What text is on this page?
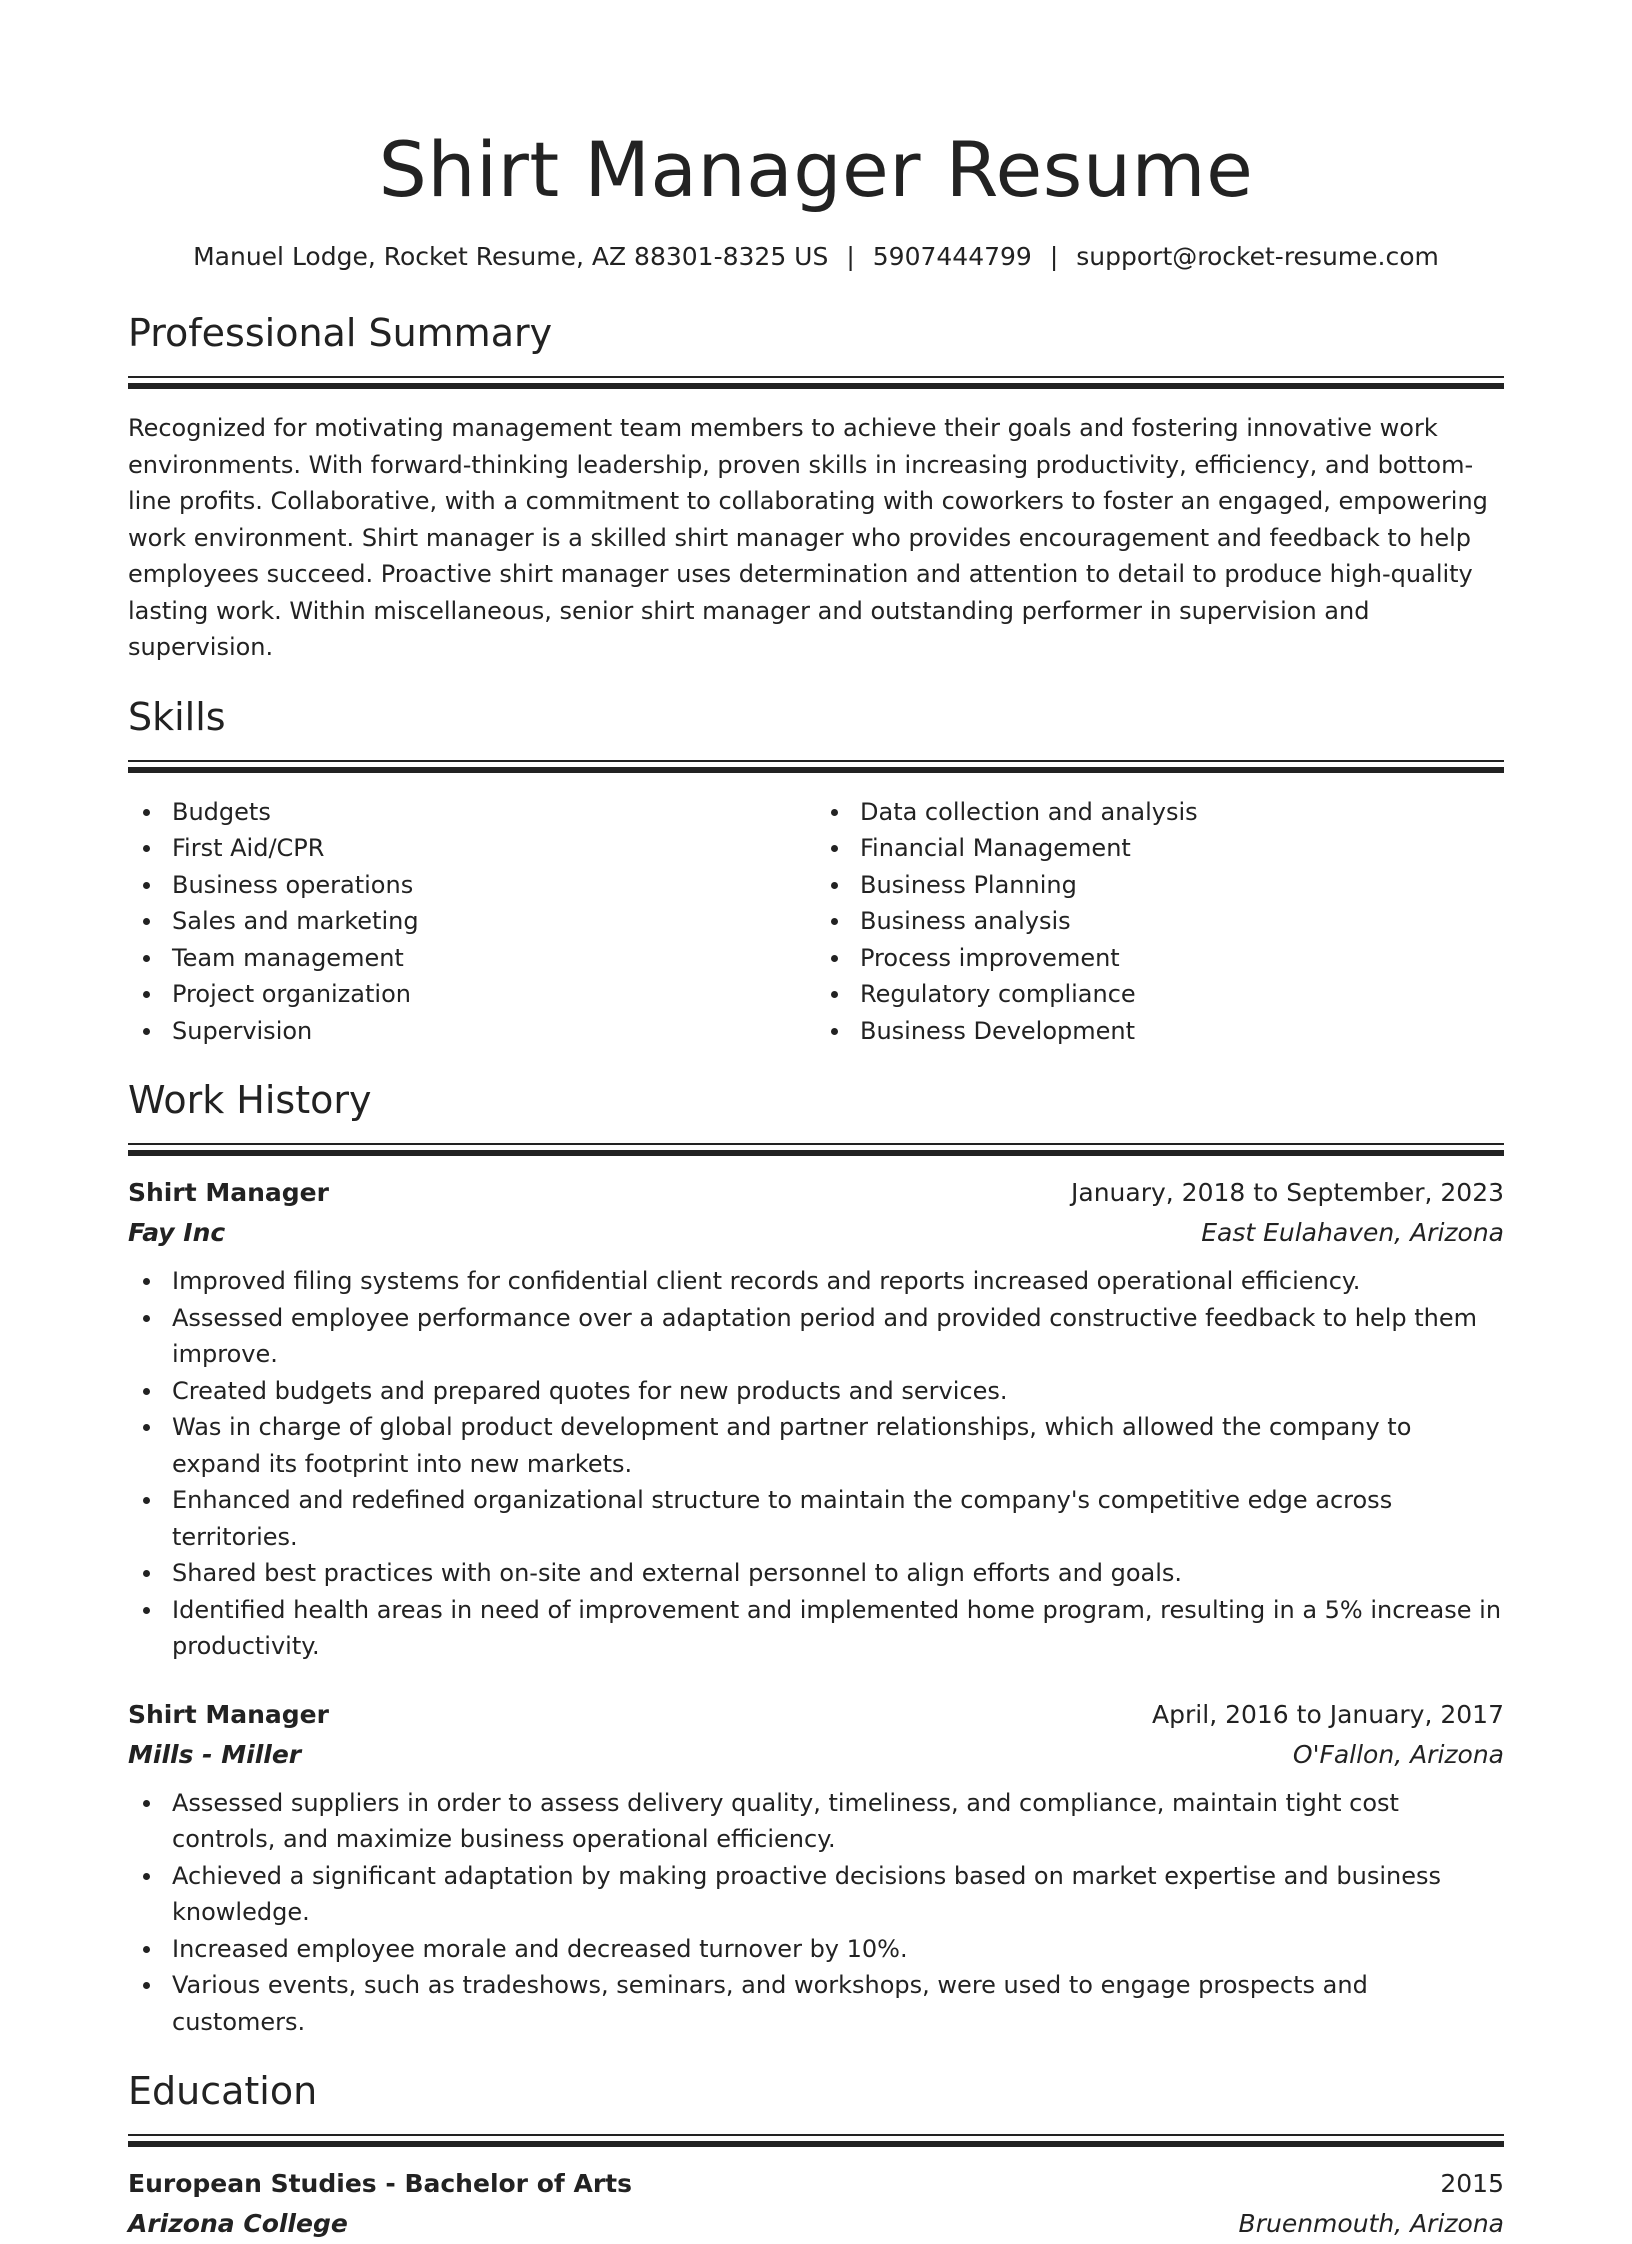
Shirt Manager Resume
Manuel Lodge, Rocket Resume, AZ 88301-8325 US | 5907444799 | support@rocket-resume.com
Professional Summary

Recognized for motivating management team members to achieve their goals and fostering innovative work environments. With forward-thinking leadership, proven skills in increasing productivity, efficiency, and bottom-line profits. Collaborative, with a commitment to collaborating with coworkers to foster an engaged, empowering work environment. Shirt manager is a skilled shirt manager who provides encouragement and feedback to help employees succeed. Proactive shirt manager uses determination and attention to detail to produce high-quality lasting work. Within miscellaneous, senior shirt manager and outstanding performer in supervision and supervision.

Skills
Budgets
First Aid/CPR
Business operations
Sales and marketing
Team management
Project organization
Supervision
Data collection and analysis
Financial Management
Business Planning
Business analysis
Process improvement
Regulatory compliance
Business Development
Work History
Shirt Manager	January, 2018 to September, 2023
Fay Inc	East Eulahaven, Arizona
Improved filing systems for confidential client records and reports increased operational efficiency.
Assessed employee performance over a adaptation period and provided constructive feedback to help them improve.
Created budgets and prepared quotes for new products and services.
Was in charge of global product development and partner relationships, which allowed the company to expand its footprint into new markets.
Enhanced and redefined organizational structure to maintain the company's competitive edge across territories.
Shared best practices with on-site and external personnel to align efforts and goals.
Identified health areas in need of improvement and implemented home program, resulting in a 5% increase in productivity.
Shirt Manager	April, 2016 to January, 2017
Mills - Miller	O'Fallon, Arizona
Assessed suppliers in order to assess delivery quality, timeliness, and compliance, maintain tight cost controls, and maximize business operational efficiency.
Achieved a significant adaptation by making proactive decisions based on market expertise and business knowledge.
Increased employee morale and decreased turnover by 10%.
Various events, such as tradeshows, seminars, and workshops, were used to engage prospects and customers.
Education
European Studies - Bachelor of Arts	2015
Arizona College	Bruenmouth, Arizona
